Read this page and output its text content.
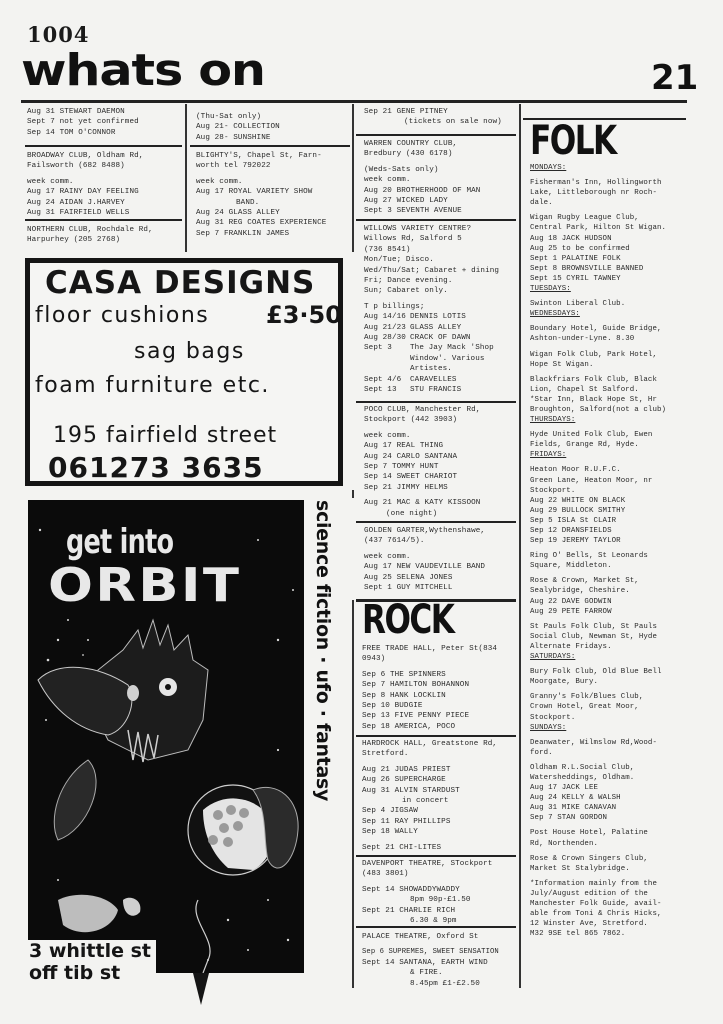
1004
whats on	21

Aug 31 STEWART DAEMON

Sept 7 not yet confirmed

Sep 14 TOM O'CONNOR

BROADWAY CLUB, Oldham Rd,

Failsworth (682 8488)

week comm.

Aug 17 RAINY DAY FEELING

Aug 24 AIDAN J.HARVEY

Aug 31 FAIRFIELD WELLS

NORTHERN CLUB, Rochdale Rd,

Harpurhey (205 2768)

(Thu-Sat only)

Aug 21- COLLECTION

Aug 28- SUNSHINE

BLIGHTY'S, Chapel St, Farn-

worth tel 792022

week comm.

Aug 17 ROYAL VARIETY SHOW

BAND.

Aug 24 GLASS ALLEY

Aug 31 REG COATES EXPERIENCE

Sep 7 FRANKLIN JAMES

CASA DESIGNS
floor cushions £3·50
sag bags
foam furniture etc.
195 fairfield street
061273 3635
get into
ORBIT	science fiction · ufo · fantasy
3 whittle st
off tib st

Sep 21 GENE PITNEY

(tickets on sale now)

WARREN COUNTRY CLUB,

Bredbury (430 6178)

(Weds-Sats only)

week comm.

Aug 20 BROTHERHOOD OF MAN

Aug 27 WICKED LADY

Sept 3 SEVENTH AVENUE

WILLOWS VARIETY CENTRE?

Willows Rd, Salford 5

(736 8541)

Mon/Tue; Disco.

Wed/Thu/Sat; Cabaret + dining

Fri; Dance evening.

Sun; Cabaret only.

T p billings;

Aug 14/16 DENNIS LOTIS
Aug 21/23 GLASS ALLEY
Aug 28/30 CRACK OF DAWN
Sept 3	The Jay Mack 'Shop
Window'. Various
Artistes.
Sept 4/6	CARAVELLES
Sept 13	STU FRANCIS

POCO CLUB, Manchester Rd,

Stockport (442 3903)

week comm.

Aug 17 REAL THING

Aug 24 CARLO SANTANA

Sep 7 TOMMY HUNT

Sep 14 SWEET CHARIOT

Sep 21 JIMMY HELMS

Aug 21 MAC & KATY KISSOON

(one night)

GOLDEN GARTER,Wythenshawe,

(437 7614/5).

week comm.

Aug 17 NEW VAUDEVILLE BAND

Aug 25 SELENA JONES

Sept 1 GUY MITCHELL

ROCK

FREE TRADE HALL, Peter St(834

0943)

Sep 6 THE SPINNERS

Sep 7 HAMILTON BOHANNON

Sep 8 HANK LOCKLIN

Sep 10 BUDGIE

Sep 13 FIVE PENNY PIECE

Sep 18 AMERICA, POCO

HARDROCK HALL, Greatstone Rd,

Stretford.

Aug 21 JUDAS PRIEST

Aug 26 SUPERCHARGE

Aug 31 ALVIN STARDUST

in concert

Sep 4 JIGSAW

Sep 11 RAY PHILLIPS

Sep 18 WALLY

Sept 21 CHI-LITES

DAVENPORT THEATRE, STockport

(483 3801)

Sept 14 SHOWADDYWADDY

8pm 90p-£1.50

Sept 21 CHARLIE RICH

6.30 & 9pm

PALACE THEATRE, Oxford St

Sep 6 SUPREMES, SWEET SENSATION

Sept 14 SANTANA, EARTH WIND

& FIRE.

8.45pm £1-£2.50

FOLK

MONDAYS:

Fisherman's Inn, Hollingworth

Lake, Littleborough nr Roch-

dale.

Wigan Rugby League Club,

Central Park, Hilton St Wigan.

Aug 18 JACK HUDSON

Aug 25 to be confirmed

Sept 1 PALATINE FOLK

Sept 8 BROWNSVILLE BANNED

Sept 15 CYRIL TAWNEY

TUESDAYS:

Swinton Liberal Club.

WEDNESDAYS:

Boundary Hotel, Guide Bridge,

Ashton-under-Lyne. 8.30

Wigan Folk Club, Park Hotel,

Hope St Wigan.

Blackfriars Folk Club, Black

Lion, Chapel St Salford.

*Star Inn, Black Hope St, Hr

Broughton, Salford(not a club)

THURSDAYS:

Hyde United Folk Club, Ewen

Fields, Grange Rd, Hyde.

FRIDAYS:

Heaton Moor R.U.F.C.

Green Lane, Heaton Moor, nr

Stockport.

Aug 22 WHITE ON BLACK

Aug 29 BULLOCK SMITHY

Sep 5 ISLA St CLAIR

Sep 12 DRANSFIELDS

Sep 19 JEREMY TAYLOR

Ring O' Bells, St Leonards

Square, Middleton.

Rose & Crown, Market St,

Sealybridge, Cheshire.

Aug 22 DAVE GODWIN

Aug 29 PETE FARROW

St Pauls Folk Club, St Pauls

Social Club, Newman St, Hyde

Alternate Fridays.

SATURDAYS:

Bury Folk Club, Old Blue Bell

Moorgate, Bury.

Granny's Folk/Blues Club,

Crown Hotel, Great Moor,

Stockport.

SUNDAYS:

Deanwater, Wilmslow Rd,Wood-

ford.

Oldham R.L.Social Club,

Watersheddings, Oldham.

Aug 17 JACK LEE

Aug 24 KELLY & WALSH

Aug 31 MIKE CANAVAN

Sep 7 STAN GORDON

Post House Hotel, Palatine

Rd, Northenden.

Rose & Crown Singers Club,

Market St Stalybridge.

*Information mainly from the

July/August edition of the

Manchester Folk Guide, avail-

able from Toni & Chris Hicks,

12 Winster Ave, Stretford.

M32 9SE tel 865 7862.
